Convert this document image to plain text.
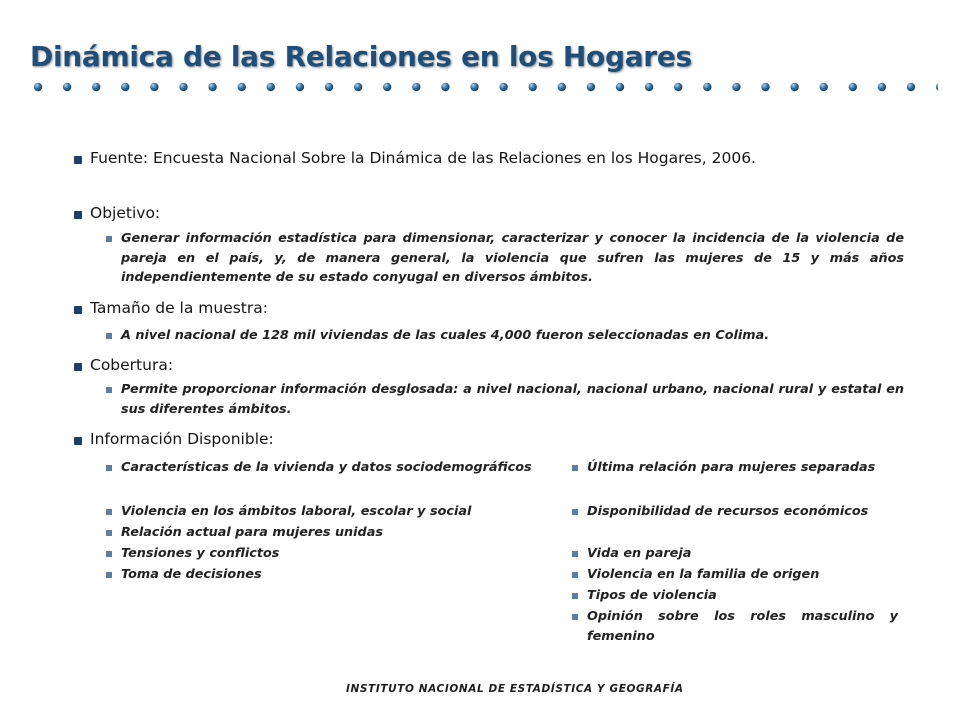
Dinámica de las Relaciones en los Hogares
Fuente: Encuesta Nacional Sobre la Dinámica de las Relaciones en los Hogares, 2006.
Objetivo:
Generar información estadística para dimensionar, caracterizar y conocer la incidencia de la violencia de pareja en el país, y, de manera general, la violencia que sufren las mujeres de 15 y más años independientemente de su estado conyugal en diversos ámbitos.
Tamaño de la muestra:
A nivel nacional de 128 mil viviendas de las cuales 4,000 fueron seleccionadas en Colima.
Cobertura:
Permite proporcionar información desglosada: a nivel nacional, nacional urbano, nacional rural y estatal en sus diferentes ámbitos.
Información Disponible:
Características de la vivienda y datos sociodemográficos
Violencia en los ámbitos laboral, escolar y social
Relación actual para mujeres unidas
Tensiones y conflictos
Toma de decisiones
Última relación para mujeres separadas
Disponibilidad de recursos económicos
Vida en pareja
Violencia en la familia de origen
Tipos de violencia
Opinión sobre los roles masculino y femenino
INSTITUTO NACIONAL DE ESTADÍSTICA Y GEOGRAFÍA
